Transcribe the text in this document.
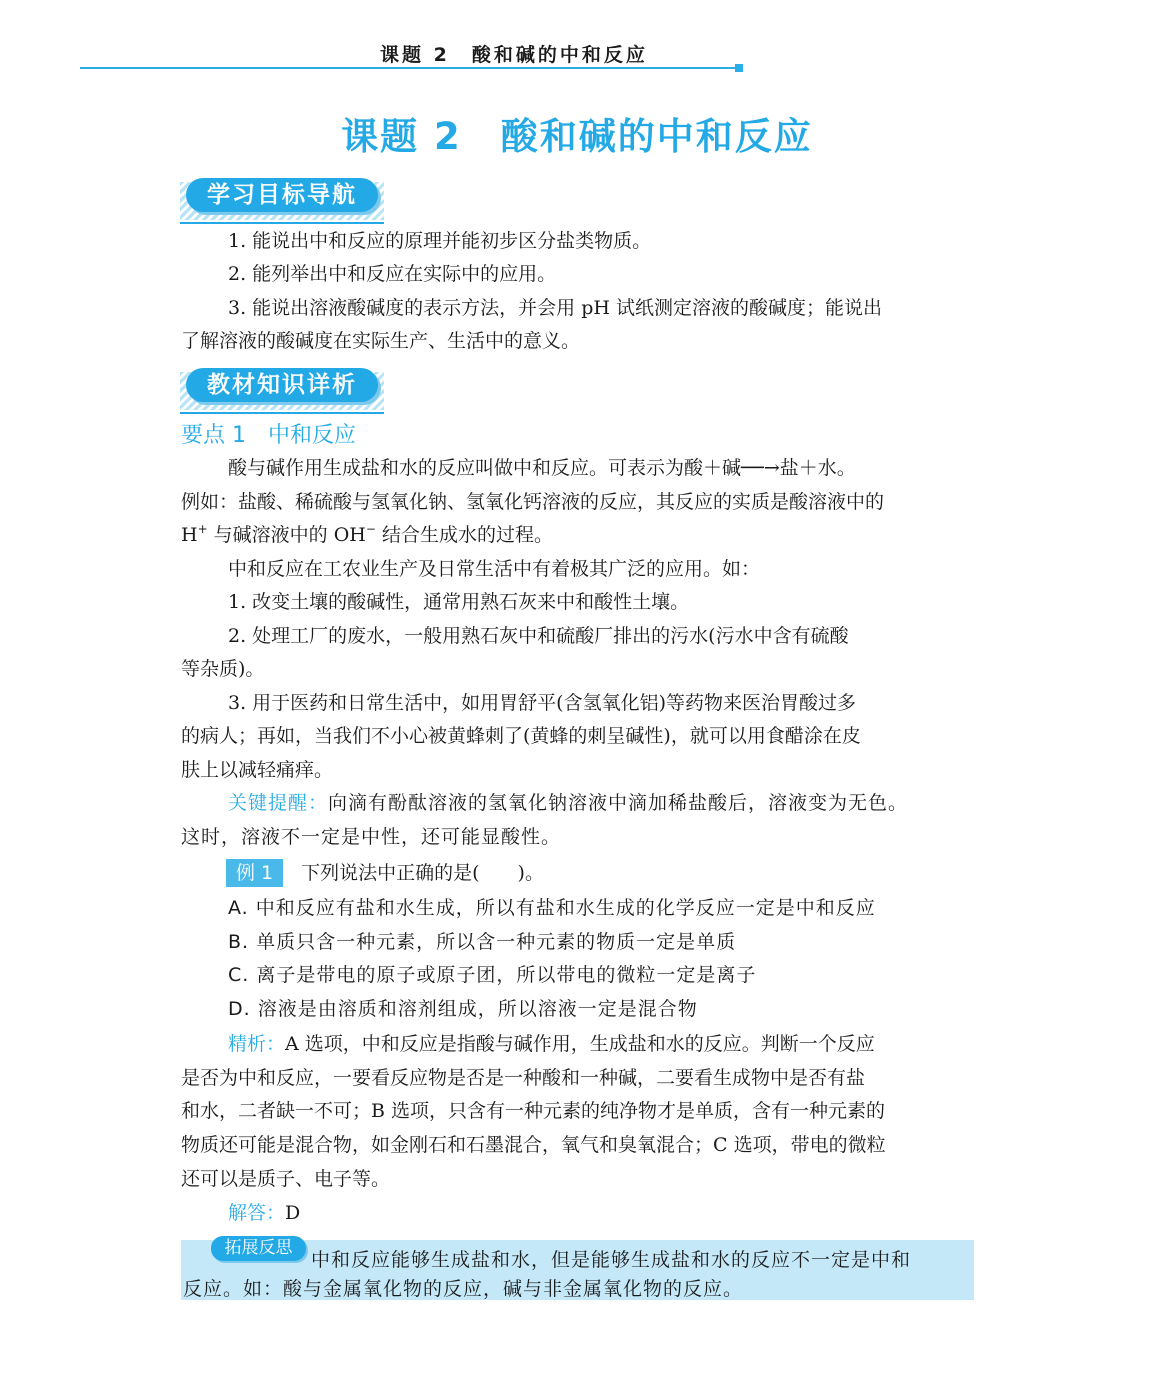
课题 2　酸和碱的中和反应
课题 2　酸和碱的中和反应
学习目标导航
1. 能说出中和反应的原理并能初步区分盐类物质。
2. 能列举出中和反应在实际中的应用。
3. 能说出溶液酸碱度的表示方法，并会用 pH 试纸测定溶液的酸碱度；能说出
了解溶液的酸碱度在实际生产、生活中的意义。
教材知识详析
要点 1　中和反应
酸与碱作用生成盐和水的反应叫做中和反应。可表示为酸＋碱──→盐＋水。
例如：盐酸、稀硫酸与氢氧化钠、氢氧化钙溶液的反应，其反应的实质是酸溶液中的
H+ 与碱溶液中的 OH− 结合生成水的过程。
中和反应在工农业生产及日常生活中有着极其广泛的应用。如：
1. 改变土壤的酸碱性，通常用熟石灰来中和酸性土壤。
2. 处理工厂的废水，一般用熟石灰中和硫酸厂排出的污水(污水中含有硫酸
等杂质)。
3. 用于医药和日常生活中，如用胃舒平(含氢氧化铝)等药物来医治胃酸过多
的病人；再如，当我们不小心被黄蜂刺了(黄蜂的刺呈碱性)，就可以用食醋涂在皮
肤上以减轻痛痒。
关键提醒：向滴有酚酞溶液的氢氧化钠溶液中滴加稀盐酸后，溶液变为无色。
这时，溶液不一定是中性，还可能显酸性。
例 1 下列说法中正确的是(　　)。
A. 中和反应有盐和水生成，所以有盐和水生成的化学反应一定是中和反应
B. 单质只含一种元素，所以含一种元素的物质一定是单质
C. 离子是带电的原子或原子团，所以带电的微粒一定是离子
D. 溶液是由溶质和溶剂组成，所以溶液一定是混合物
精析：A 选项，中和反应是指酸与碱作用，生成盐和水的反应。判断一个反应
是否为中和反应，一要看反应物是否是一种酸和一种碱，二要看生成物中是否有盐
和水，二者缺一不可；B 选项，只含有一种元素的纯净物才是单质，含有一种元素的
物质还可能是混合物，如金刚石和石墨混合，氧气和臭氧混合；C 选项，带电的微粒
还可以是质子、电子等。
解答：D
拓展反思
中和反应能够生成盐和水，但是能够生成盐和水的反应不一定是中和
反应。如：酸与金属氧化物的反应，碱与非金属氧化物的反应。
